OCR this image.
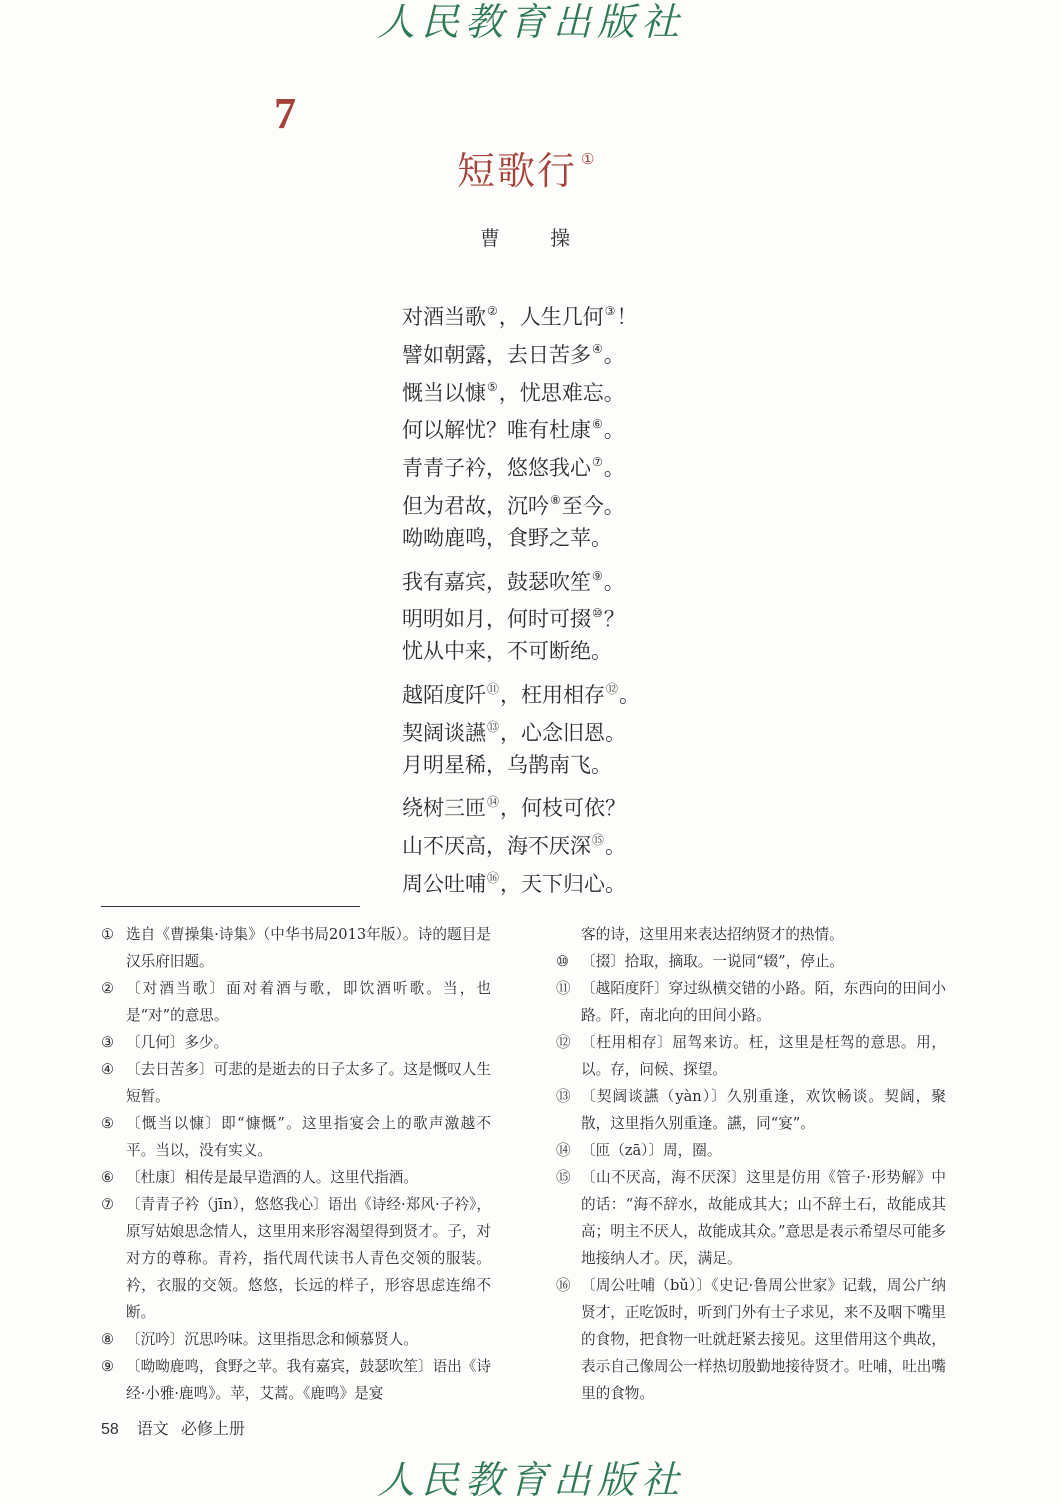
人民教育出版社
7
短歌行 ①
曹 操
对酒当歌②，人生几何③！
譬如朝露，去日苦多④。
慨当以慷⑤，忧思难忘。
何以解忧？唯有杜康⑥。
青青子衿，悠悠我心⑦。
但为君故，沉吟⑧至今。
呦呦鹿鸣，食野之苹。
我有嘉宾，鼓瑟吹笙⑨。
明明如月，何时可掇⑩？
忧从中来，不可断绝。
越陌度阡⑪，枉用相存⑫。
契阔谈讌⑬，心念旧恩。
月明星稀，乌鹊南飞。
绕树三匝⑭，何枝可依？
山不厌高，海不厌深⑮。
周公吐哺⑯，天下归心。
① 选自《曹操集·诗集》（中华书局2013年版）。诗的题目是汉乐府旧题。
② 〔对酒当歌〕面对着酒与歌，即饮酒听歌。当，也是“对”的意思。
③ 〔几何〕多少。
④ 〔去日苦多〕可悲的是逝去的日子太多了。这是慨叹人生短暂。
⑤ 〔慨当以慷〕即“慷慨”。这里指宴会上的歌声激越不平。当以，没有实义。
⑥ 〔杜康〕相传是最早造酒的人。这里代指酒。
⑦ 〔青青子衿（jīn），悠悠我心〕语出《诗经·郑风·子衿》，原写姑娘思念情人，这里用来形容渴望得到贤才。子，对对方的尊称。青衿，指代周代读书人青色交领的服装。衿，衣服的交领。悠悠，长远的样子，形容思虑连绵不断。
⑧ 〔沉吟〕沉思吟味。这里指思念和倾慕贤人。
⑨ 〔呦呦鹿鸣，食野之苹。我有嘉宾，鼓瑟吹笙〕语出《诗经·小雅·鹿鸣》。苹，艾蒿。《鹿鸣》是宴
客的诗，这里用来表达招纳贤才的热情。
⑩ 〔掇〕拾取，摘取。一说同“辍”，停止。
⑪ 〔越陌度阡〕穿过纵横交错的小路。陌，东西向的田间小路。阡，南北向的田间小路。
⑫ 〔枉用相存〕屈驾来访。枉，这里是枉驾的意思。用，以。存，问候、探望。
⑬ 〔契阔谈讌（yàn）〕久别重逢，欢饮畅谈。契阔，聚散，这里指久别重逢。讌，同“宴”。
⑭ 〔匝（zā）〕周，圈。
⑮ 〔山不厌高，海不厌深〕这里是仿用《管子·形势解》中的话：“海不辞水，故能成其大；山不辞土石，故能成其高；明主不厌人，故能成其众。”意思是表示希望尽可能多地接纳人才。厌，满足。
⑯ 〔周公吐哺（bǔ）〕《史记·鲁周公世家》记载，周公广纳贤才，正吃饭时，听到门外有士子求见，来不及咽下嘴里的食物，把食物一吐就赶紧去接见。这里借用这个典故，表示自己像周公一样热切殷勤地接待贤才。吐哺，吐出嘴里的食物。
58 语文 必修上册
人民教育出版社
